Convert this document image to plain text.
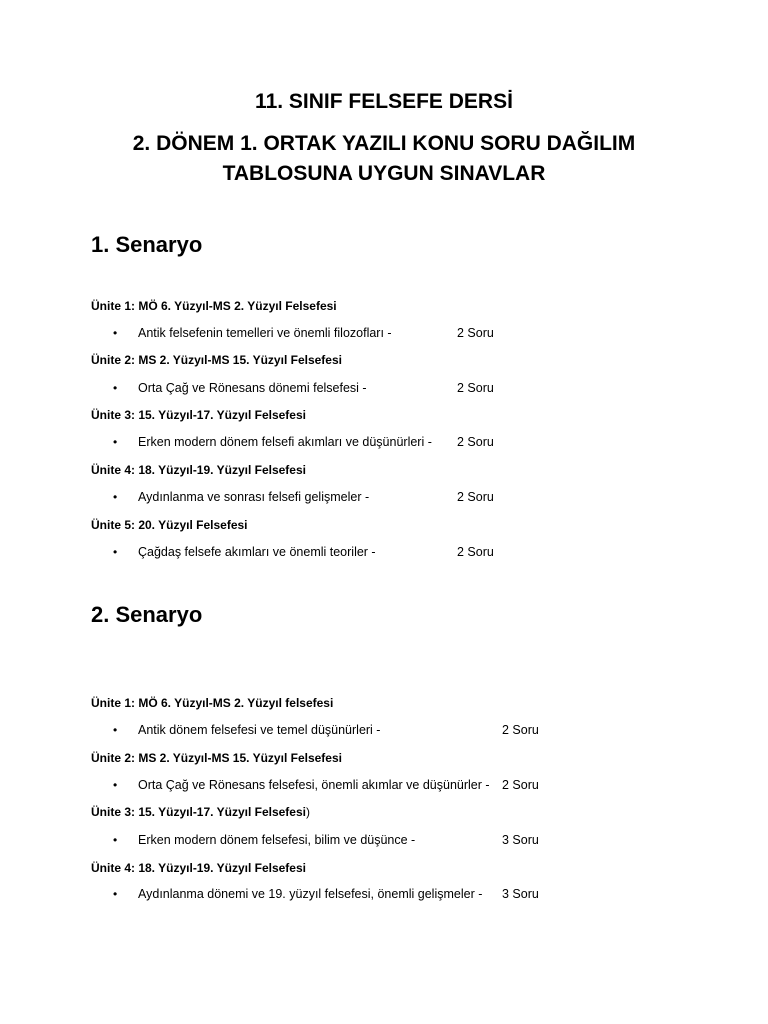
11. SINIF FELSEFE DERSİ
2. DÖNEM 1. ORTAK YAZILI KONU SORU DAĞILIM
TABLOSUNA UYGUN SINAVLAR
1. Senaryo
Ünite 1: MÖ 6. Yüzyıl-MS 2. Yüzyıl Felsefesi
• Antik felsefenin temelleri ve önemli filozofları -	2 Soru
Ünite 2: MS 2. Yüzyıl-MS 15. Yüzyıl Felsefesi
• Orta Çağ ve Rönesans dönemi felsefesi -	2 Soru
Ünite 3: 15. Yüzyıl-17. Yüzyıl Felsefesi
• Erken modern dönem felsefi akımları ve düşünürleri - 2 Soru
Ünite 4: 18. Yüzyıl-19. Yüzyıl Felsefesi
• Aydınlanma ve sonrası felsefi gelişmeler -	2 Soru
Ünite 5: 20. Yüzyıl Felsefesi
• Çağdaş felsefe akımları ve önemli teoriler -	2 Soru
2. Senaryo
Ünite 1: MÖ 6. Yüzyıl-MS 2. Yüzyıl felsefesi
• Antik dönem felsefesi ve temel düşünürleri -	2 Soru
Ünite 2: MS 2. Yüzyıl-MS 15. Yüzyıl Felsefesi
• Orta Çağ ve Rönesans felsefesi, önemli akımlar ve düşünürler - 2 Soru
Ünite 3: 15. Yüzyıl-17. Yüzyıl Felsefesi)
• Erken modern dönem felsefesi, bilim ve düşünce -	3 Soru
Ünite 4: 18. Yüzyıl-19. Yüzyıl Felsefesi
• Aydınlanma dönemi ve 19. yüzyıl felsefesi, önemli gelişmeler - 3 Soru
